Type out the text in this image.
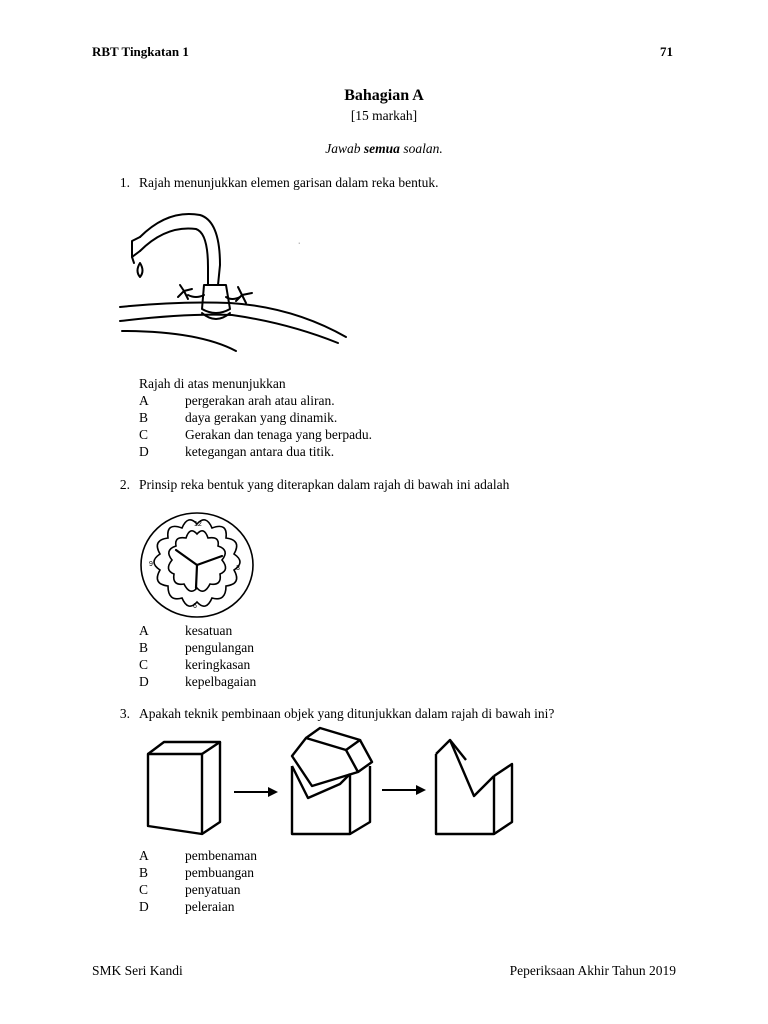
RBT Tingkatan 1	71
Bahagian A
[15 markah]
Jawab semua soalan.
1. Rajah menunjukkan elemen garisan dalam reka bentuk.
·
Rajah di atas menunjukkan
A	pergerakan arah atau aliran.
B	daya gerakan yang dinamik.
C	Gerakan dan tenaga yang berpadu.
D	ketegangan antara dua titik.
2. Prinsip reka bentuk yang diterapkan dalam rajah di bawah ini adalah
12
3
6
9
A	kesatuan
B	pengulangan
C	keringkasan
D	kepelbagaian
3. Apakah teknik pembinaan objek yang ditunjukkan dalam rajah di bawah ini?
A	pembenaman
B	pembuangan
C	penyatuan
D	peleraian
SMK Seri Kandi	Peperiksaan Akhir Tahun 2019
